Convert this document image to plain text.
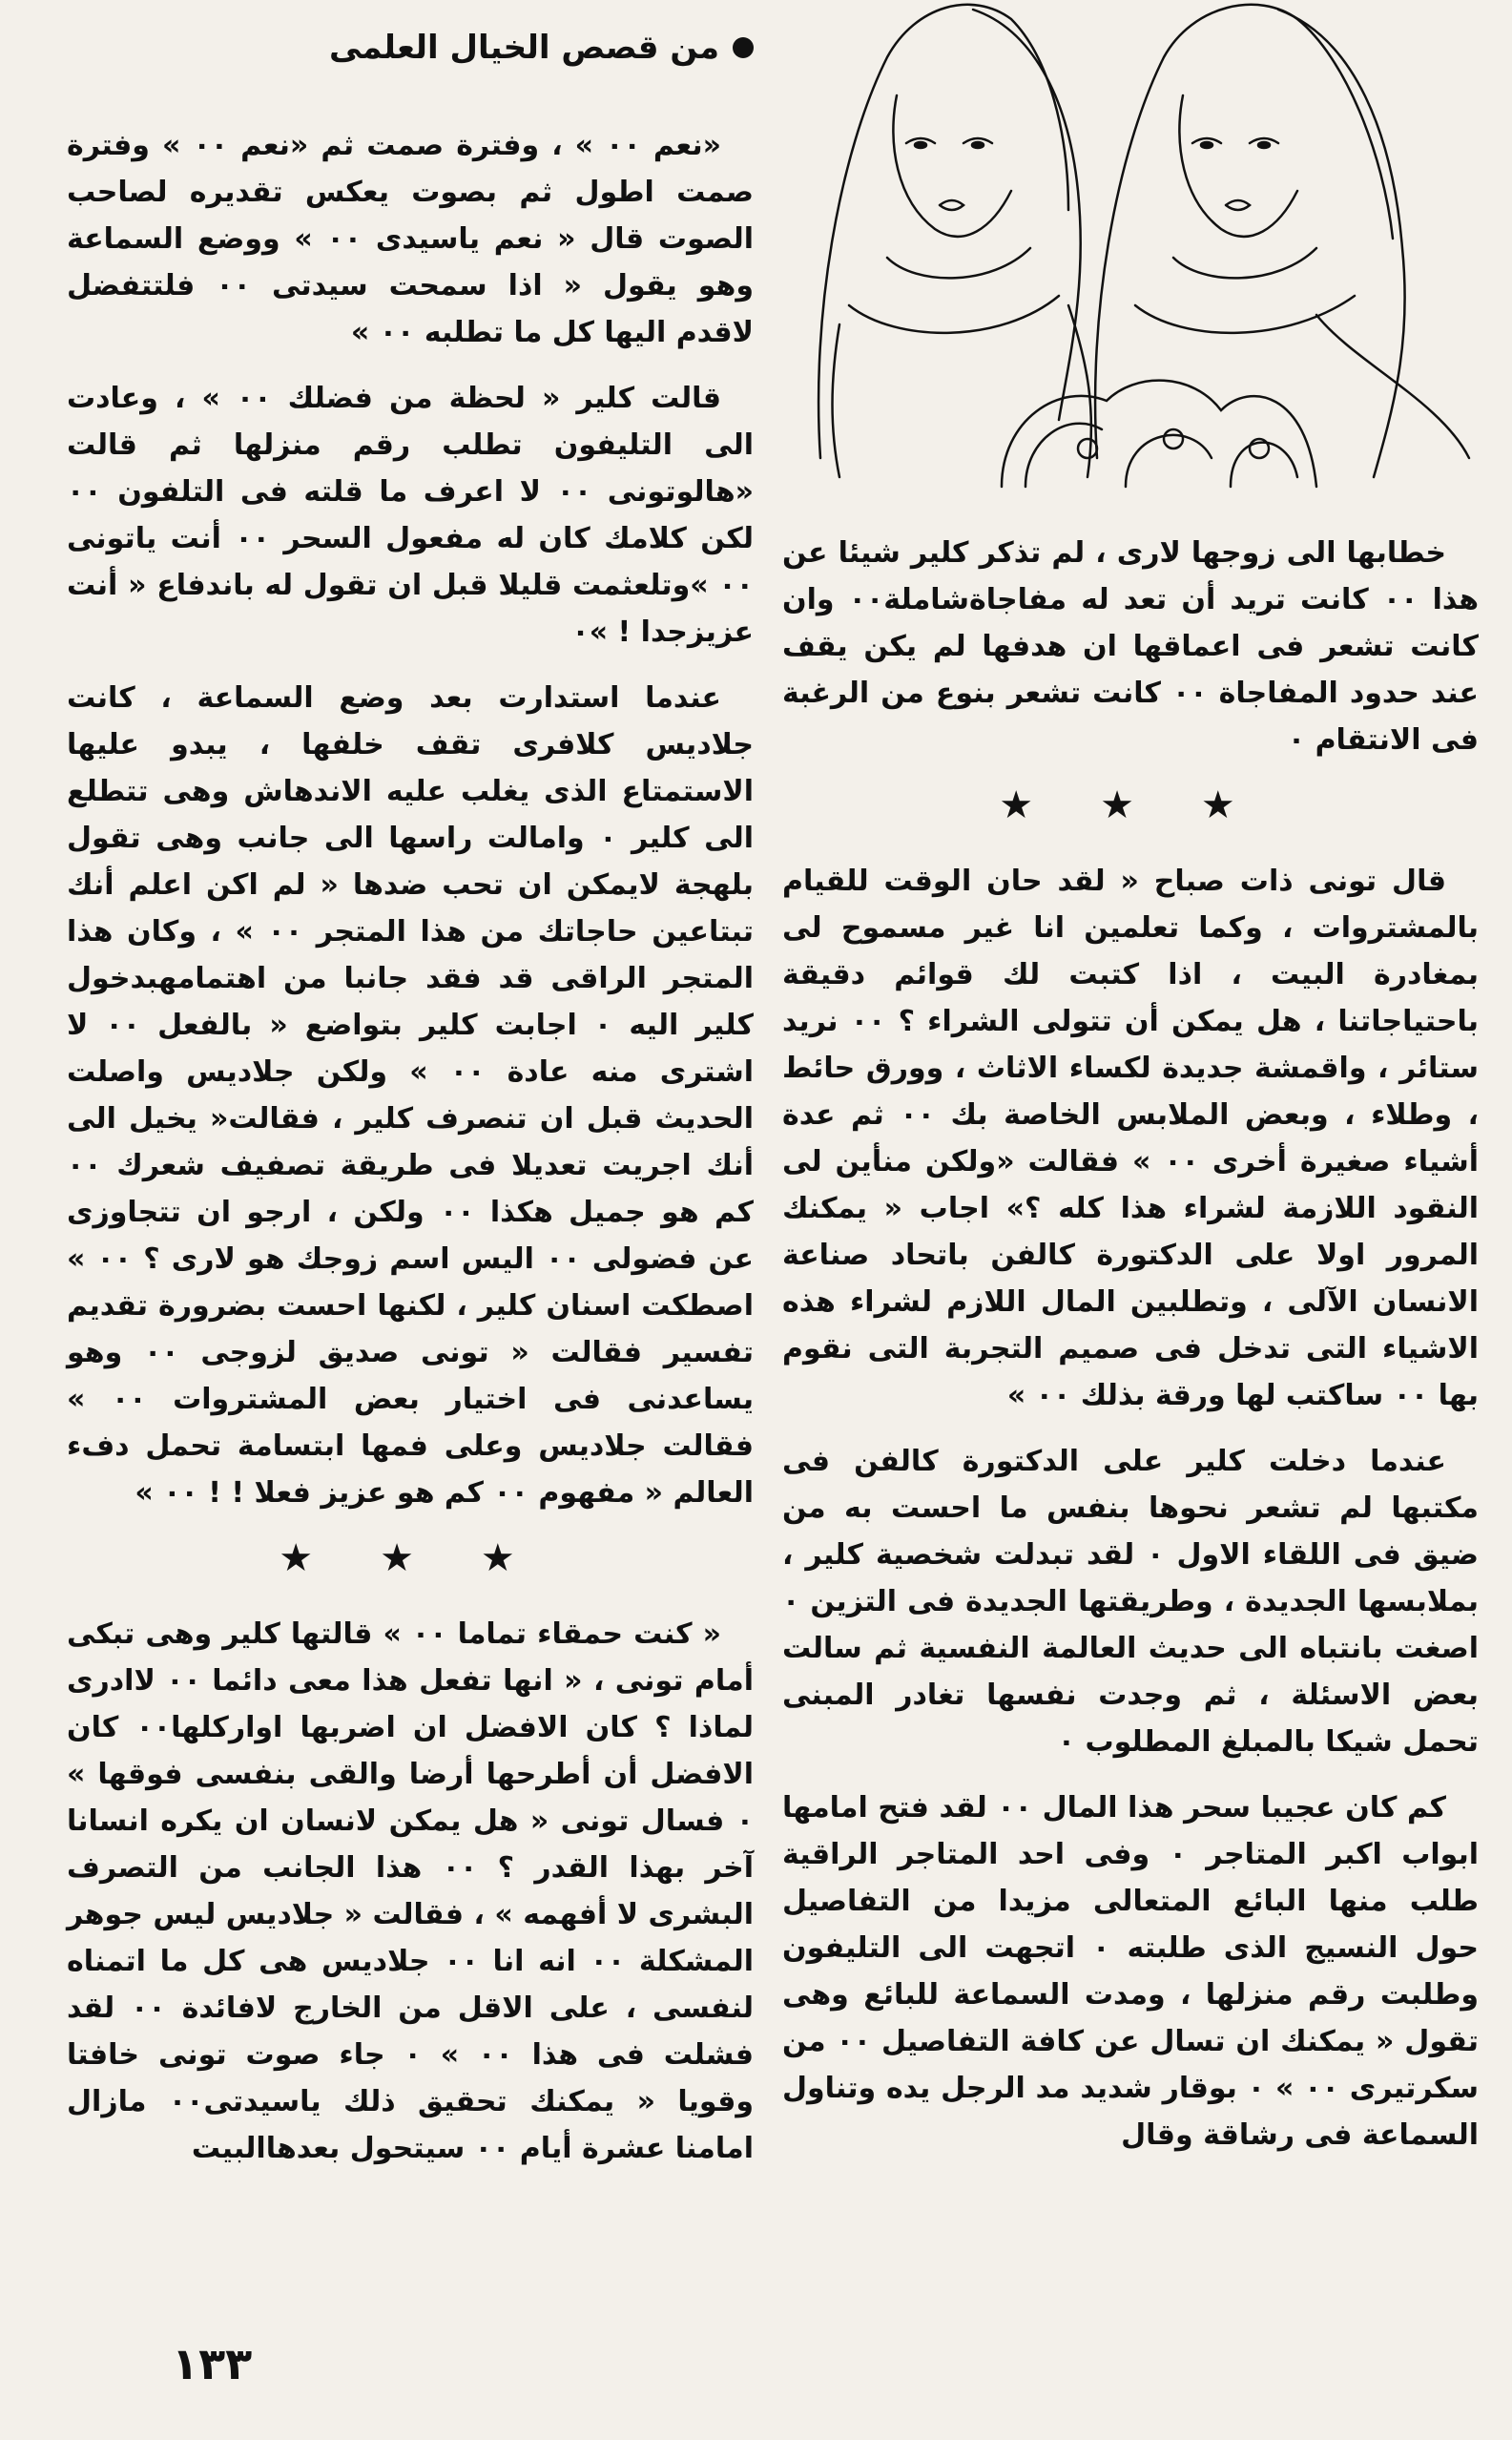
من قصص الخيال العلمى

«نعم ٠٠ » ، وفترة صمت ثم «نعم ٠٠ » وفترة صمت اطول ثم بصوت يعكس تقديره لصاحب الصوت قال « نعم ياسيدى ٠٠ » ووضع السماعة وهو يقول « اذا سمحت سيدتى ٠٠ فلتتفضل لاقدم اليها كل ما تطلبه ٠٠ »

قالت كلير « لحظة من فضلك ٠٠ » ، وعادت الى التليفون تطلب رقم منزلها ثم قالت «هالوتونى ٠٠ لا اعرف ما قلته فى التلفون ٠٠ لكن كلامك كان له مفعول السحر ٠٠ أنت ياتونى ٠٠ »وتلعثمت قليلا قبل ان تقول له باندفاع « أنت عزيزجدا ! »٠

عندما استدارت بعد وضع السماعة ، كانت جلاديس كلافرى تقف خلفها ، يبدو عليها الاستمتاع الذى يغلب عليه الاندهاش وهى تتطلع الى كلير ٠ وامالت راسها الى جانب وهى تقول بلهجة لايمكن ان تحب ضدها « لم اكن اعلم أنك تبتاعين حاجاتك من هذا المتجر ٠٠ » ، وكان هذا المتجر الراقى قد فقد جانبا من اهتمامهبدخول كلير اليه ٠ اجابت كلير بتواضع « بالفعل ٠٠ لا اشترى منه عادة ٠٠ » ولكن جلاديس واصلت الحديث قبل ان تنصرف كلير ، فقالت« يخيل الى أنك اجريت تعديلا فى طريقة تصفيف شعرك ٠٠ كم هو جميل هكذا ٠٠ ولكن ، ارجو ان تتجاوزى عن فضولى ٠٠ اليس اسم زوجك هو لارى ؟ ٠٠ » اصطكت اسنان كلير ، لكنها احست بضرورة تقديم تفسير فقالت « تونى صديق لزوجى ٠٠ وهو يساعدنى فى اختيار بعض المشتروات ٠٠ » فقالت جلاديس وعلى فمها ابتسامة تحمل دفء العالم « مفهوم ٠٠ كم هو عزيز فعلا ! ! ٠٠ »

★ ★ ★

« كنت حمقاء تماما ٠٠ » قالتها كلير وهى تبكى أمام تونى ، « انها تفعل هذا معى دائما ٠٠ لاادرى لماذا ؟ كان الافضل ان اضربها اواركلها٠٠ كان الافضل أن أطرحها أرضا والقى بنفسى فوقها » ٠ فسال تونى « هل يمكن لانسان ان يكره انسانا آخر بهذا القدر ؟ ٠٠ هذا الجانب من التصرف البشرى لا أفهمه » ، فقالت « جلاديس ليس جوهر المشكلة ٠٠ انه انا ٠٠ جلاديس هى كل ما اتمناه لنفسى ، على الاقل من الخارج لافائدة ٠٠ لقد فشلت فى هذا ٠٠ » ٠ جاء صوت تونى خافتا وقويا « يمكنك تحقيق ذلك ياسيدتى٠٠ مازال امامنا عشرة أيام ٠٠ سيتحول بعدهاالبيت

خطابها الى زوجها لارى ، لم تذكر كلير شيئا عن هذا ٠٠ كانت تريد أن تعد له مفاجاةشاملة٠٠ وان كانت تشعر فى اعماقها ان هدفها لم يكن يقف عند حدود المفاجاة ٠٠ كانت تشعر بنوع من الرغبة فى الانتقام ٠

★ ★ ★

قال تونى ذات صباح « لقد حان الوقت للقيام بالمشتروات ، وكما تعلمين انا غير مسموح لى بمغادرة البيت ، اذا كتبت لك قوائم دقيقة باحتياجاتنا ، هل يمكن أن تتولى الشراء ؟ ٠٠ نريد ستائر ، واقمشة جديدة لكساء الاثاث ، وورق حائط ، وطلاء ، وبعض الملابس الخاصة بك ٠٠ ثم عدة أشياء صغيرة أخرى ٠٠ » فقالت «ولكن منأين لى النقود اللازمة لشراء هذا كله ؟» اجاب « يمكنك المرور اولا على الدكتورة كالفن باتحاد صناعة الانسان الآلى ، وتطلبين المال اللازم لشراء هذه الاشياء التى تدخل فى صميم التجربة التى نقوم بها ٠٠ ساكتب لها ورقة بذلك ٠٠ »

عندما دخلت كلير على الدكتورة كالفن فى مكتبها لم تشعر نحوها بنفس ما احست به من ضيق فى اللقاء الاول ٠ لقد تبدلت شخصية كلير ، بملابسها الجديدة ، وطريقتها الجديدة فى التزين ٠ اصغت بانتباه الى حديث العالمة النفسية ثم سالت بعض الاسئلة ، ثم وجدت نفسها تغادر المبنى تحمل شيكا بالمبلغ المطلوب ٠

كم كان عجيبا سحر هذا المال ٠٠ لقد فتح امامها ابواب اكبر المتاجر ٠ وفى احد المتاجر الراقية طلب منها البائع المتعالى مزيدا من التفاصيل حول النسيج الذى طلبته ٠ اتجهت الى التليفون وطلبت رقم منزلها ، ومدت السماعة للبائع وهى تقول « يمكنك ان تسال عن كافة التفاصيل ٠٠ من سكرتيرى ٠٠ » ٠ بوقار شديد مد الرجل يده وتناول السماعة فى رشاقة وقال

١٣٣
